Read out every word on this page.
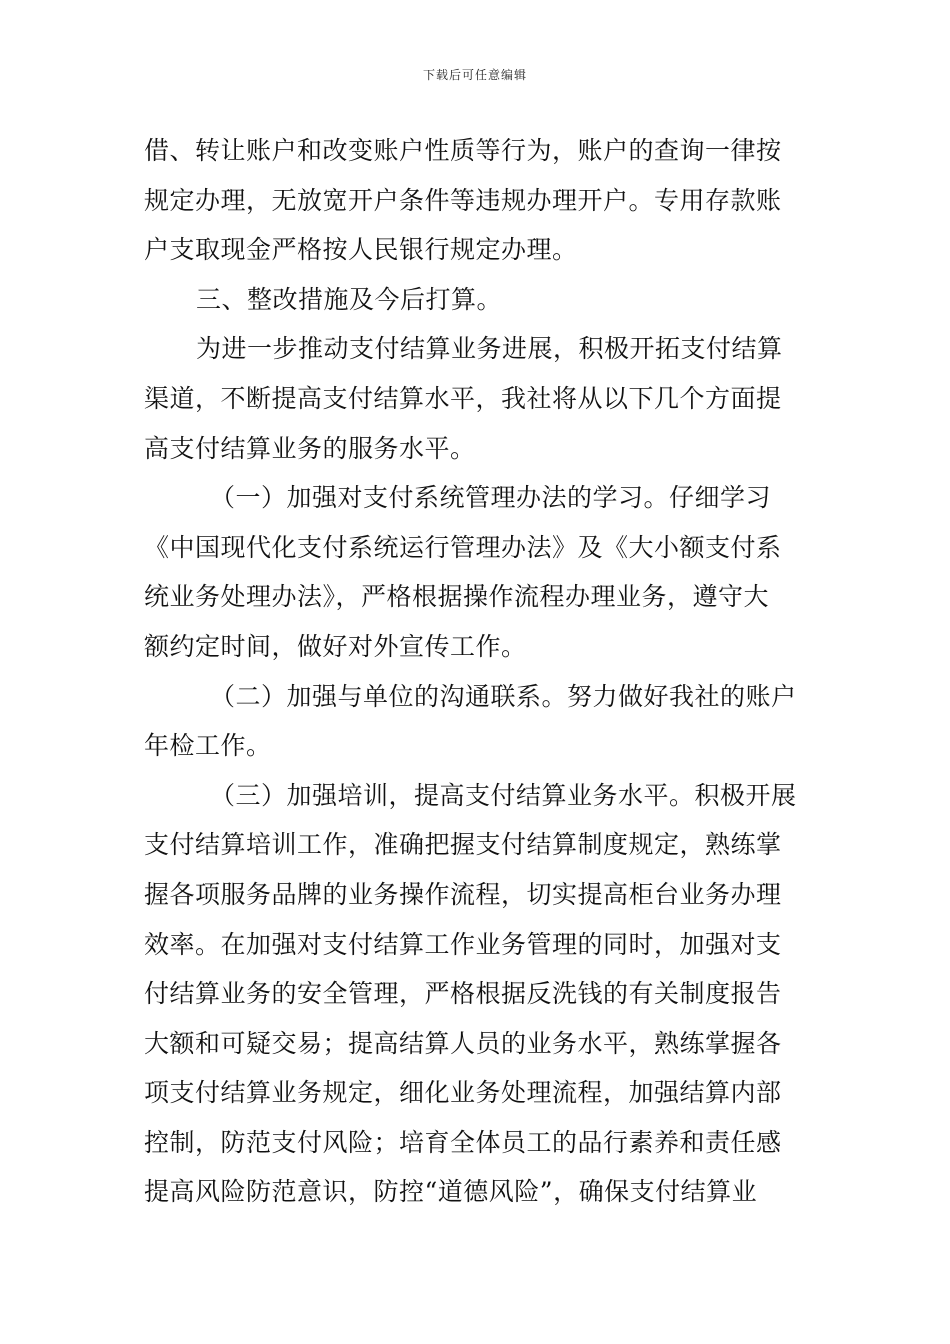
下载后可任意编辑
借、转让账户和改变账户性质等行为，账户的查询一律按
规定办理，无放宽开户条件等违规办理开户。专用存款账
户支取现金严格按人民银行规定办理。
三、整改措施及今后打算。
为进一步推动支付结算业务进展，积极开拓支付结算
渠道，不断提高支付结算水平，我社将从以下几个方面提
高支付结算业务的服务水平。
（一）加强对支付系统管理办法的学习。仔细学习
《中国现代化支付系统运行管理办法》及《大小额支付系
统业务处理办法》，严格根据操作流程办理业务，遵守大
额约定时间，做好对外宣传工作。
（二）加强与单位的沟通联系。努力做好我社的账户
年检工作。
（三）加强培训，提高支付结算业务水平。积极开展
支付结算培训工作，准确把握支付结算制度规定，熟练掌
握各项服务品牌的业务操作流程，切实提高柜台业务办理
效率。在加强对支付结算工作业务管理的同时，加强对支
付结算业务的安全管理，严格根据反洗钱的有关制度报告
大额和可疑交易；提高结算人员的业务水平，熟练掌握各
项支付结算业务规定，细化业务处理流程，加强结算内部
控制，防范支付风险；培育全体员工的品行素养和责任感
提高风险防范意识，防控“道德风险”，确保支付结算业
